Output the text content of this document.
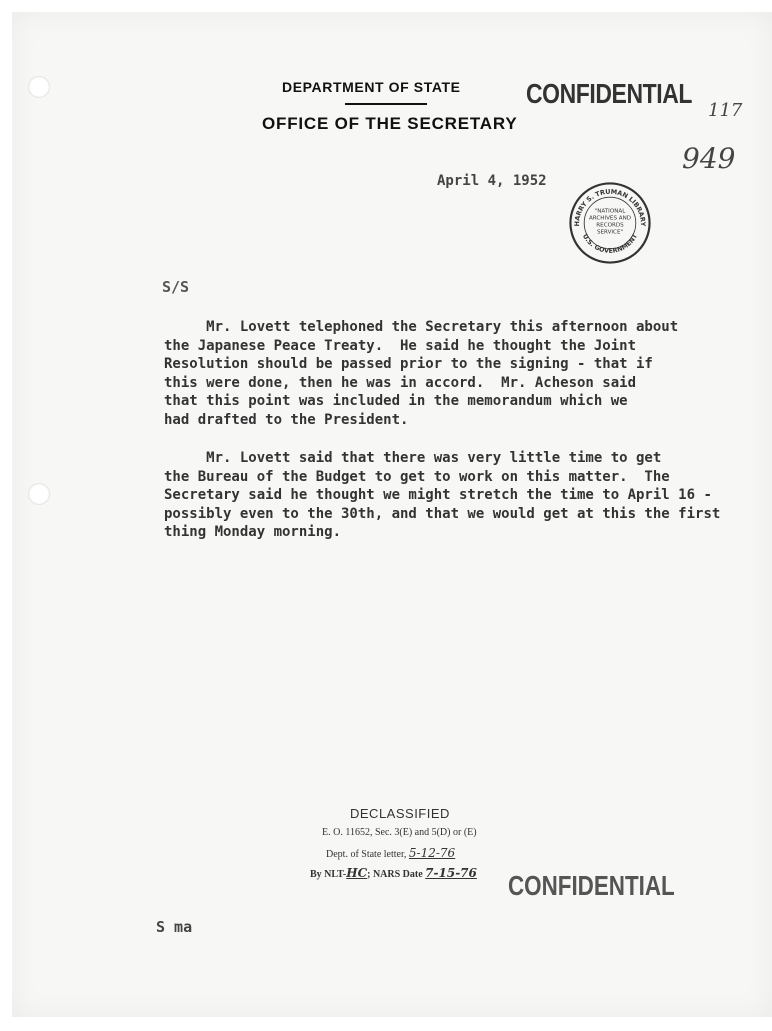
DEPARTMENT OF STATE
OFFICE OF THE SECRETARY
CONFIDENTIAL
117
949
April 4, 1952
HARRY S. TRUMAN LIBRARY
U.S. GOVERNMENT
"NATIONAL
ARCHIVES AND
RECORDS
SERVICE"
S/S

Mr. Lovett telephoned the Secretary this afternoon about

the Japanese Peace Treaty.  He said he thought the Joint

Resolution should be passed prior to the signing - that if

this were done, then he was in accord.  Mr. Acheson said

that this point was included in the memorandum which we

had drafted to the President.

Mr. Lovett said that there was very little time to get

the Bureau of the Budget to get to work on this matter.  The

Secretary said he thought we might stretch the time to April 16 -

possibly even to the 30th, and that we would get at this the first

thing Monday morning.

DECLASSIFIED
E. O. 11652, Sec. 3(E) and 5(D) or (E)
Dept. of State letter, 5-12-76
By NLT-HC; NARS Date 7-15-76 CONFIDENTIAL
S ma
